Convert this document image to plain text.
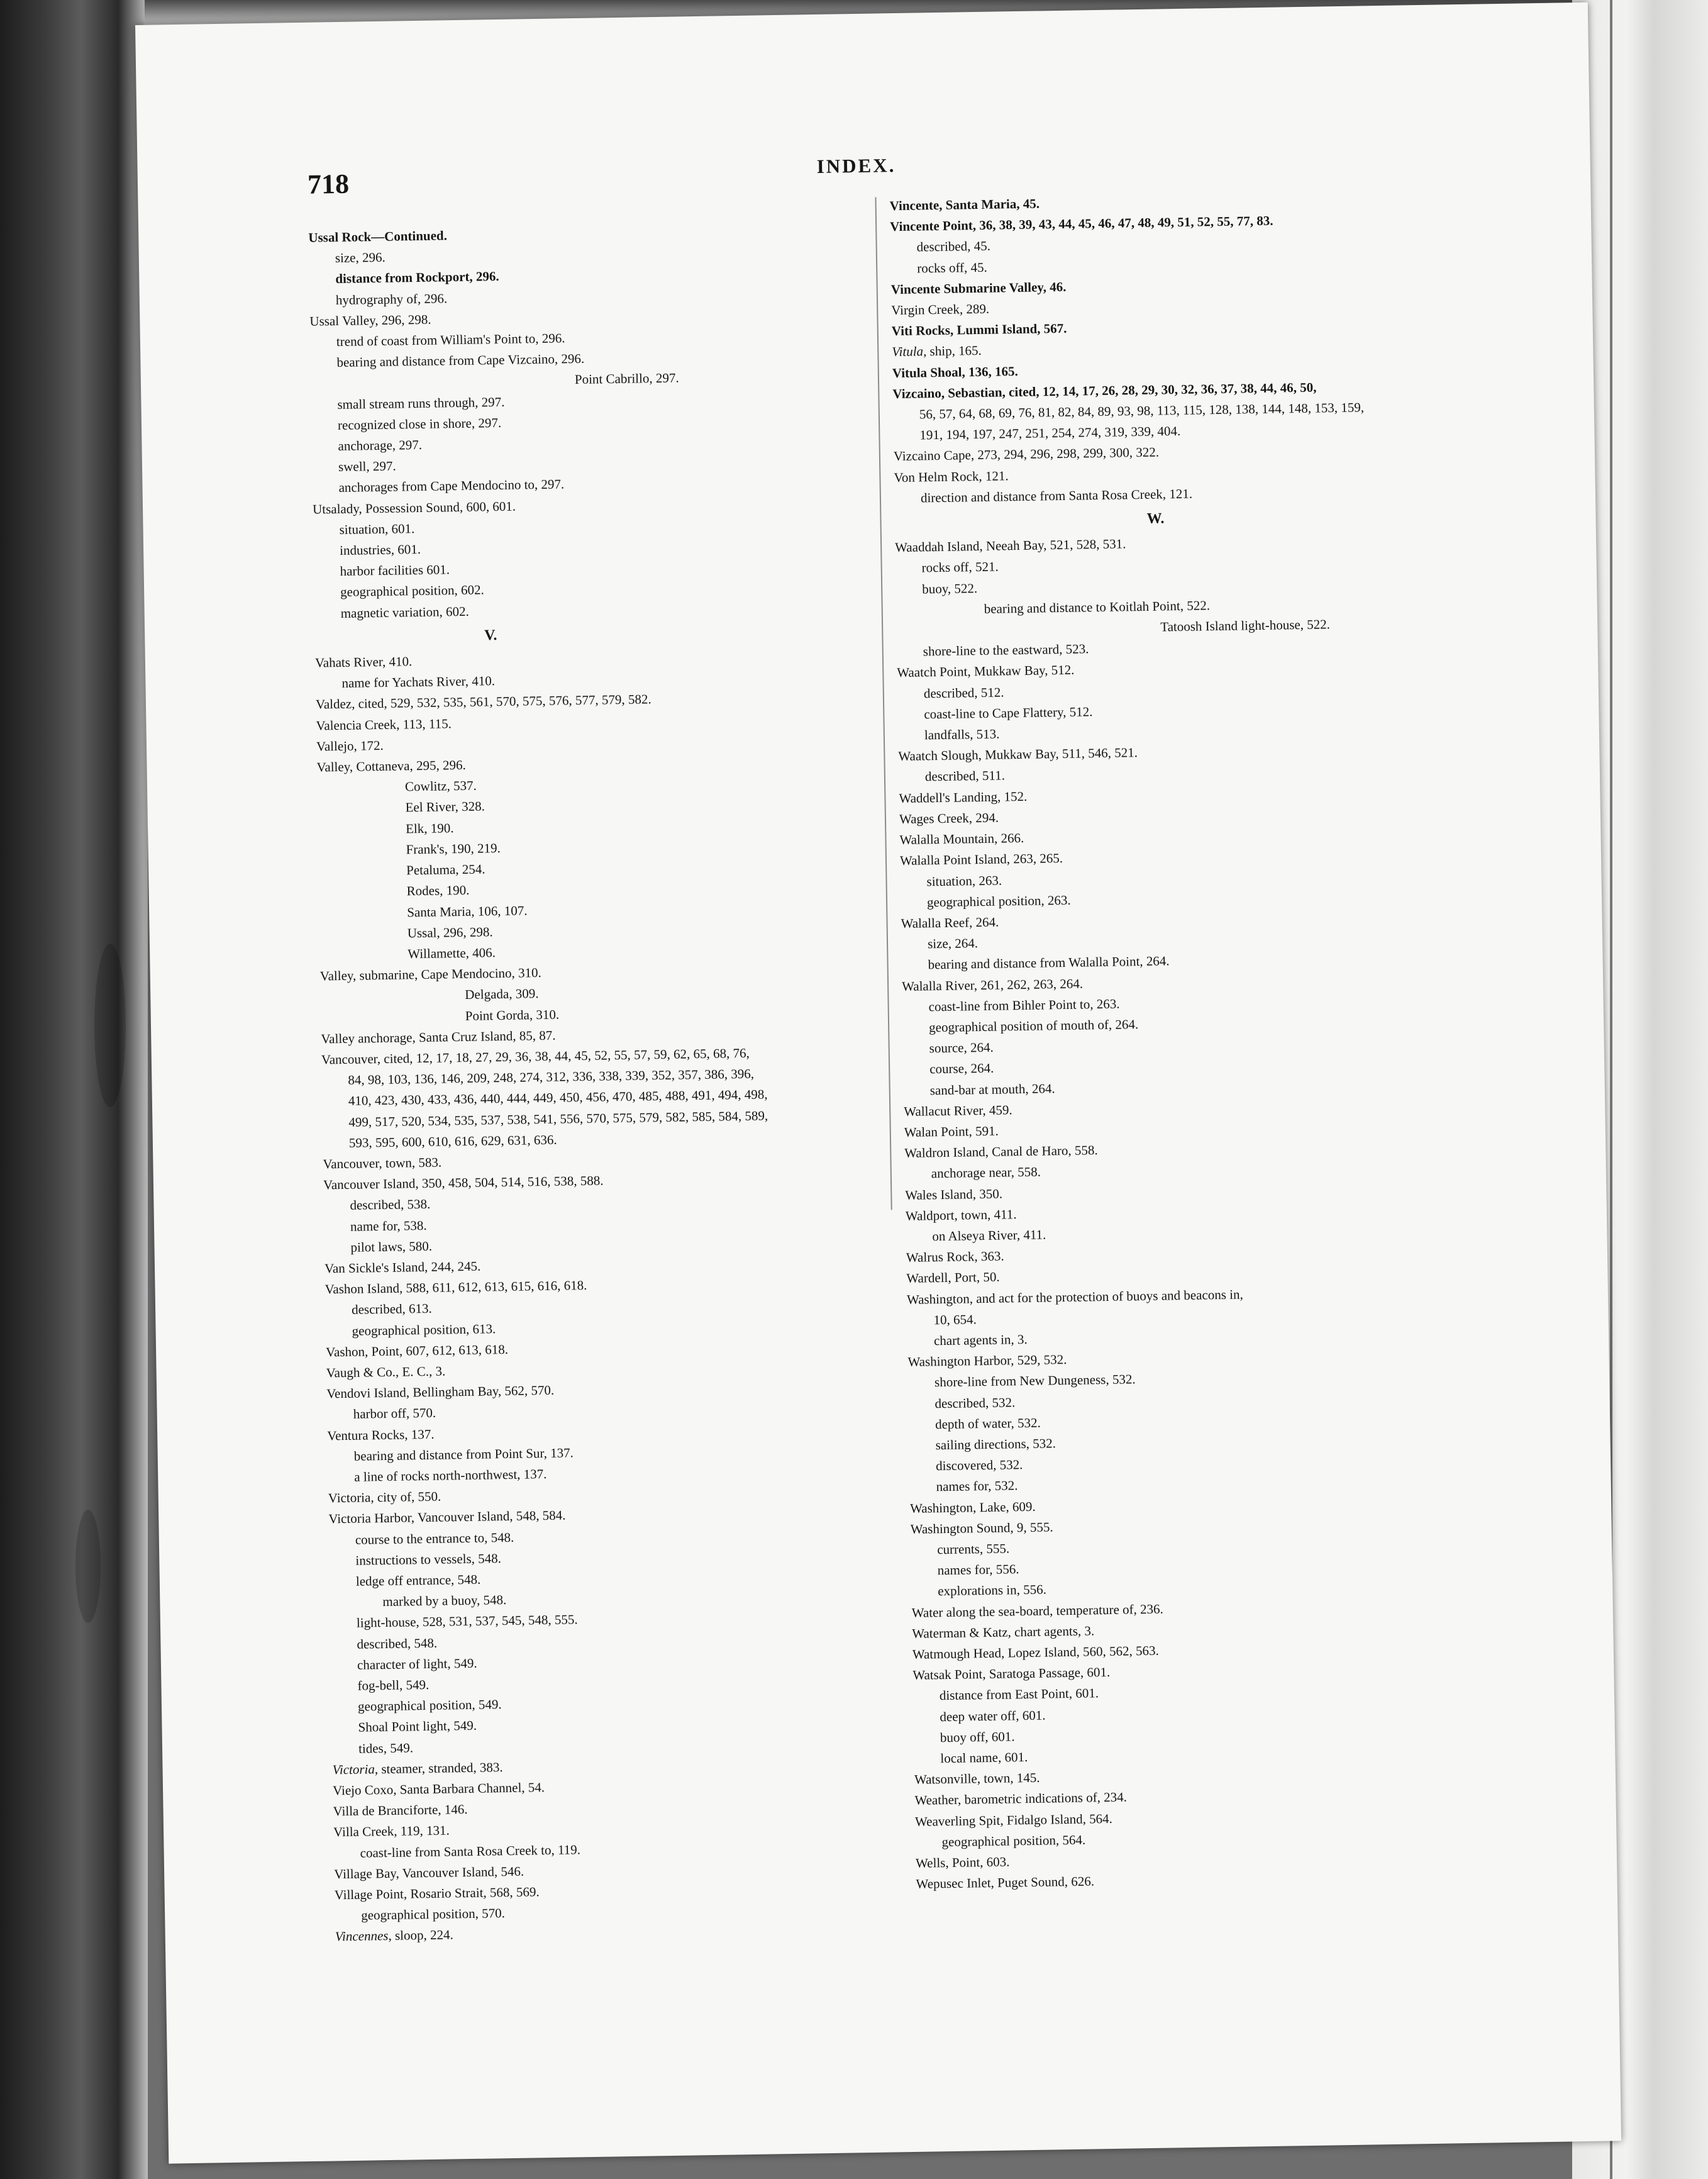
718
INDEX.
Ussal Rock—Continued.
size, 296.
distance from Rockport, 296.
hydrography of, 296.
Ussal Valley, 296, 298.
trend of coast from William's Point to, 296.
bearing and distance from Cape Vizcaino, 296.
Point Cabrillo, 297.
small stream runs through, 297.
recognized close in shore, 297.
anchorage, 297.
swell, 297.
anchorages from Cape Mendocino to, 297.
Utsalady, Possession Sound, 600, 601.
situation, 601.
industries, 601.
harbor facilities 601.
geographical position, 602.
magnetic variation, 602.
V.
Vahats River, 410.
name for Yachats River, 410.
Valdez, cited, 529, 532, 535, 561, 570, 575, 576, 577, 579, 582.
Valencia Creek, 113, 115.
Vallejo, 172.
Valley, Cottaneva, 295, 296.
Cowlitz, 537.
Eel River, 328.
Elk, 190.
Frank's, 190, 219.
Petaluma, 254.
Rodes, 190.
Santa Maria, 106, 107.
Ussal, 296, 298.
Willamette, 406.
Valley, submarine, Cape Mendocino, 310.
Delgada, 309.
Point Gorda, 310.
Valley anchorage, Santa Cruz Island, 85, 87.
Vancouver, cited, 12, 17, 18, 27, 29, 36, 38, 44, 45, 52, 55, 57, 59, 62, 65, 68, 76,
84, 98, 103, 136, 146, 209, 248, 274, 312, 336, 338, 339, 352, 357, 386, 396,
410, 423, 430, 433, 436, 440, 444, 449, 450, 456, 470, 485, 488, 491, 494, 498,
499, 517, 520, 534, 535, 537, 538, 541, 556, 570, 575, 579, 582, 585, 584, 589,
593, 595, 600, 610, 616, 629, 631, 636.
Vancouver, town, 583.
Vancouver Island, 350, 458, 504, 514, 516, 538, 588.
described, 538.
name for, 538.
pilot laws, 580.
Van Sickle's Island, 244, 245.
Vashon Island, 588, 611, 612, 613, 615, 616, 618.
described, 613.
geographical position, 613.
Vashon, Point, 607, 612, 613, 618.
Vaugh & Co., E. C., 3.
Vendovi Island, Bellingham Bay, 562, 570.
harbor off, 570.
Ventura Rocks, 137.
bearing and distance from Point Sur, 137.
a line of rocks north-northwest, 137.
Victoria, city of, 550.
Victoria Harbor, Vancouver Island, 548, 584.
course to the entrance to, 548.
instructions to vessels, 548.
ledge off entrance, 548.
marked by a buoy, 548.
light-house, 528, 531, 537, 545, 548, 555.
described, 548.
character of light, 549.
fog-bell, 549.
geographical position, 549.
Shoal Point light, 549.
tides, 549.
Victoria, steamer, stranded, 383.
Viejo Coxo, Santa Barbara Channel, 54.
Villa de Branciforte, 146.
Villa Creek, 119, 131.
coast-line from Santa Rosa Creek to, 119.
Village Bay, Vancouver Island, 546.
Village Point, Rosario Strait, 568, 569.
geographical position, 570.
Vincennes, sloop, 224.
Vincente, Santa Maria, 45.
Vincente Point, 36, 38, 39, 43, 44, 45, 46, 47, 48, 49, 51, 52, 55, 77, 83.
described, 45.
rocks off, 45.
Vincente Submarine Valley, 46.
Virgin Creek, 289.
Viti Rocks, Lummi Island, 567.
Vitula, ship, 165.
Vitula Shoal, 136, 165.
Vizcaino, Sebastian, cited, 12, 14, 17, 26, 28, 29, 30, 32, 36, 37, 38, 44, 46, 50,
56, 57, 64, 68, 69, 76, 81, 82, 84, 89, 93, 98, 113, 115, 128, 138, 144, 148, 153, 159,
191, 194, 197, 247, 251, 254, 274, 319, 339, 404.
Vizcaino Cape, 273, 294, 296, 298, 299, 300, 322.
Von Helm Rock, 121.
direction and distance from Santa Rosa Creek, 121.
W.
Waaddah Island, Neeah Bay, 521, 528, 531.
rocks off, 521.
buoy, 522.
bearing and distance to Koitlah Point, 522.
Tatoosh Island light-house, 522.
shore-line to the eastward, 523.
Waatch Point, Mukkaw Bay, 512.
described, 512.
coast-line to Cape Flattery, 512.
landfalls, 513.
Waatch Slough, Mukkaw Bay, 511, 546, 521.
described, 511.
Waddell's Landing, 152.
Wages Creek, 294.
Walalla Mountain, 266.
Walalla Point Island, 263, 265.
situation, 263.
geographical position, 263.
Walalla Reef, 264.
size, 264.
bearing and distance from Walalla Point, 264.
Walalla River, 261, 262, 263, 264.
coast-line from Bihler Point to, 263.
geographical position of mouth of, 264.
source, 264.
course, 264.
sand-bar at mouth, 264.
Wallacut River, 459.
Walan Point, 591.
Waldron Island, Canal de Haro, 558.
anchorage near, 558.
Wales Island, 350.
Waldport, town, 411.
on Alseya River, 411.
Walrus Rock, 363.
Wardell, Port, 50.
Washington, and act for the protection of buoys and beacons in,
10, 654.
chart agents in, 3.
Washington Harbor, 529, 532.
shore-line from New Dungeness, 532.
described, 532.
depth of water, 532.
sailing directions, 532.
discovered, 532.
names for, 532.
Washington, Lake, 609.
Washington Sound, 9, 555.
currents, 555.
names for, 556.
explorations in, 556.
Water along the sea-board, temperature of, 236.
Waterman & Katz, chart agents, 3.
Watmough Head, Lopez Island, 560, 562, 563.
Watsak Point, Saratoga Passage, 601.
distance from East Point, 601.
deep water off, 601.
buoy off, 601.
local name, 601.
Watsonville, town, 145.
Weather, barometric indications of, 234.
Weaverling Spit, Fidalgo Island, 564.
geographical position, 564.
Wells, Point, 603.
Wepusec Inlet, Puget Sound, 626.
